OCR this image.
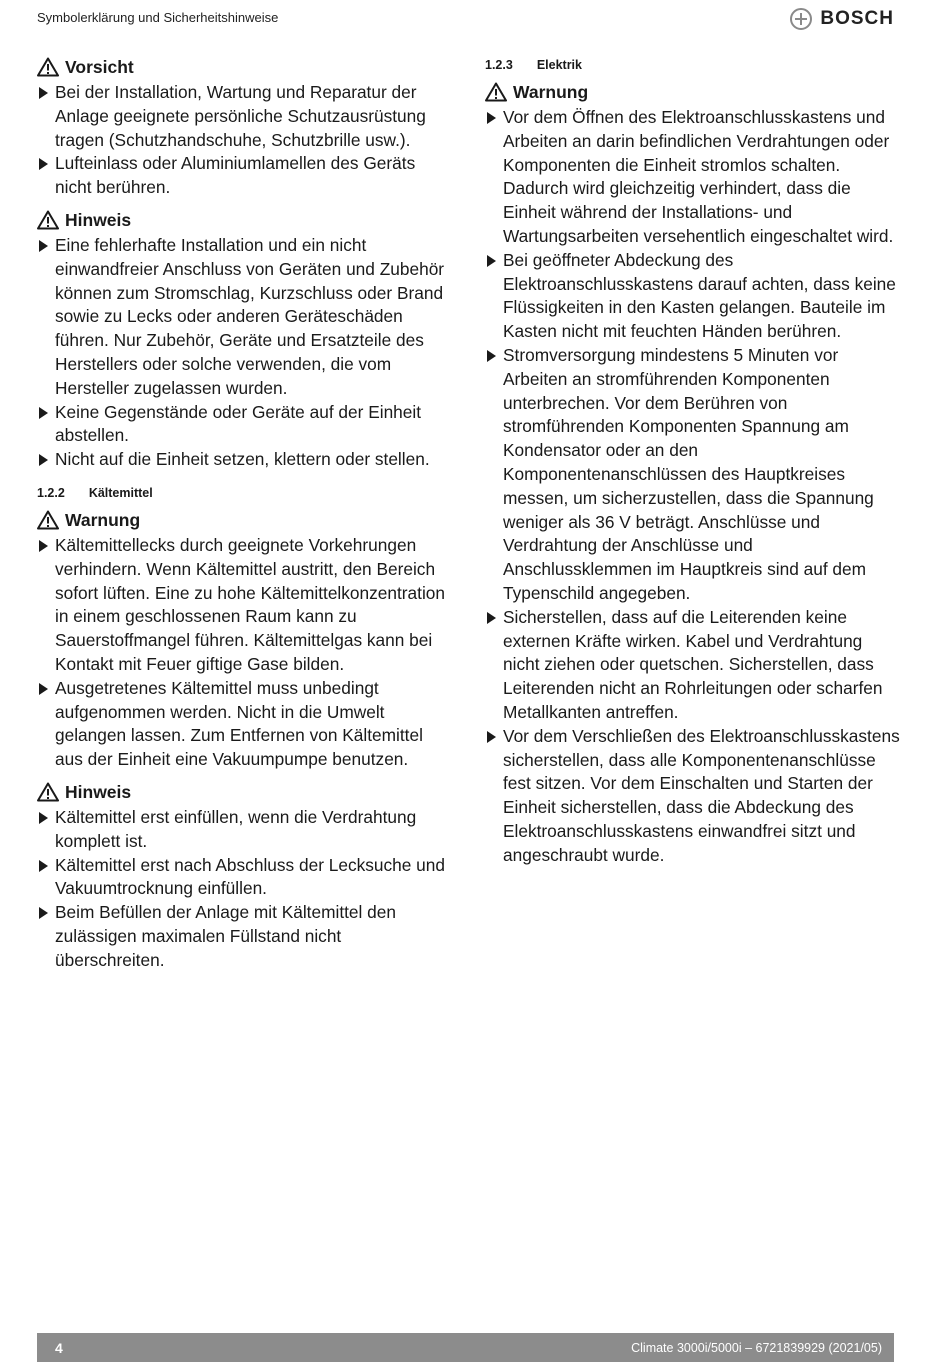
Symbolerklärung und Sicherheitshinweise	BOSCH
Vorsicht
Bei der Installation, Wartung und Reparatur der Anlage geeignete persönliche Schutzausrüstung tragen (Schutzhandschuhe, Schutzbrille usw.).
Lufteinlass oder Aluminiumlamellen des Geräts nicht berühren.
Hinweis
Eine fehlerhafte Installation und ein nicht einwandfreier Anschluss von Geräten und Zubehör können zum Stromschlag, Kurzschluss oder Brand sowie zu Lecks oder anderen Geräteschäden führen. Nur Zubehör, Geräte und Ersatzteile des Herstellers oder solche verwenden, die vom Hersteller zugelassen wurden.
Keine Gegenstände oder Geräte auf der Einheit abstellen.
Nicht auf die Einheit setzen, klettern oder stellen.
1.2.2 Kältemittel
Warnung
Kältemittellecks durch geeignete Vorkehrungen verhindern. Wenn Kältemittel austritt, den Bereich sofort lüften. Eine zu hohe Kältemittelkonzentration in einem geschlossenen Raum kann zu Sauerstoffmangel führen. Kältemittelgas kann bei Kontakt mit Feuer giftige Gase bilden.
Ausgetretenes Kältemittel muss unbedingt aufgenommen werden. Nicht in die Umwelt gelangen lassen. Zum Entfernen von Kältemittel aus der Einheit eine Vakuumpumpe benutzen.
Hinweis
Kältemittel erst einfüllen, wenn die Verdrahtung komplett ist.
Kältemittel erst nach Abschluss der Lecksuche und Vakuumtrocknung einfüllen.
Beim Befüllen der Anlage mit Kältemittel den zulässigen maximalen Füllstand nicht überschreiten.
1.2.3 Elektrik
Warnung
Vor dem Öffnen des Elektroanschlusskastens und Arbeiten an darin befindlichen Verdrahtungen oder Komponenten die Einheit stromlos schalten. Dadurch wird gleichzeitig verhindert, dass die Einheit während der Installations- und Wartungsarbeiten versehentlich eingeschaltet wird.
Bei geöffneter Abdeckung des Elektroanschlusskastens darauf achten, dass keine Flüssigkeiten in den Kasten gelangen. Bauteile im Kasten nicht mit feuchten Händen berühren.
Stromversorgung mindestens 5 Minuten vor Arbeiten an stromführenden Komponenten unterbrechen. Vor dem Berühren von stromführenden Komponenten Spannung am Kondensator oder an den Komponentenanschlüssen des Hauptkreises messen, um sicherzustellen, dass die Spannung weniger als 36 V beträgt. Anschlüsse und Verdrahtung der Anschlüsse und Anschlussklemmen im Hauptkreis sind auf dem Typenschild angegeben.
Sicherstellen, dass auf die Leiterenden keine externen Kräfte wirken. Kabel und Verdrahtung nicht ziehen oder quetschen. Sicherstellen, dass Leiterenden nicht an Rohrleitungen oder scharfen Metallkanten antreffen.
Vor dem Verschließen des Elektroanschlusskastens sicherstellen, dass alle Komponentenanschlüsse fest sitzen. Vor dem Einschalten und Starten der Einheit sicherstellen, dass die Abdeckung des Elektroanschlusskastens einwandfrei sitzt und angeschraubt wurde.
4	Climate 3000i/5000i – 6721839929 (2021/05)
